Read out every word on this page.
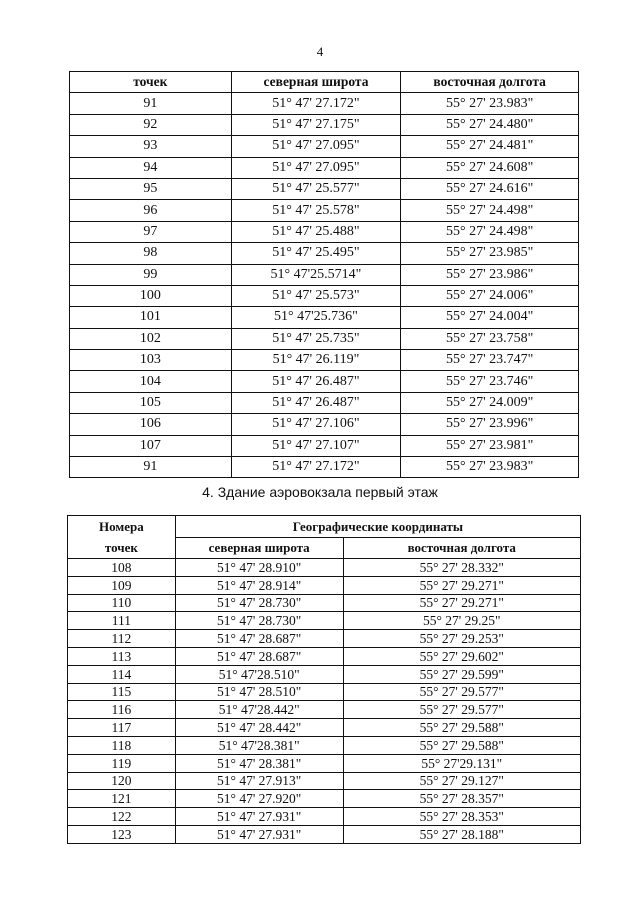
4
точек	северная широта	восточная долгота
91	51° 47' 27.172"	55° 27' 23.983"
92	51° 47' 27.175"	55° 27' 24.480"
93	51° 47' 27.095"	55° 27' 24.481"
94	51° 47' 27.095"	55° 27' 24.608"
95	51° 47' 25.577"	55° 27' 24.616"
96	51° 47' 25.578"	55° 27' 24.498"
97	51° 47' 25.488"	55° 27' 24.498"
98	51° 47' 25.495"	55° 27' 23.985"
99	51° 47'25.5714"	55° 27' 23.986"
100	51° 47' 25.573"	55° 27' 24.006"
101	51° 47'25.736"	55° 27' 24.004"
102	51° 47' 25.735"	55° 27' 23.758"
103	51° 47' 26.119"	55° 27' 23.747"
104	51° 47' 26.487"	55° 27' 23.746"
105	51° 47' 26.487"	55° 27' 24.009"
106	51° 47' 27.106"	55° 27' 23.996"
107	51° 47' 27.107"	55° 27' 23.981"
91	51° 47' 27.172"	55° 27' 23.983"
4. Здание аэровокзала первый этаж
Номера
точек	Географические координаты	
	северная широта	восточная долгота
108	51° 47' 28.910"	55° 27' 28.332"
109	51° 47' 28.914"	55° 27' 29.271"
110	51° 47' 28.730"	55° 27' 29.271"
111	51° 47' 28.730"	55° 27' 29.25"
112	51° 47' 28.687"	55° 27' 29.253"
113	51° 47' 28.687"	55° 27' 29.602"
114	51° 47'28.510"	55° 27' 29.599"
115	51° 47' 28.510"	55° 27' 29.577"
116	51° 47'28.442"	55° 27' 29.577"
117	51° 47' 28.442"	55° 27' 29.588"
118	51° 47'28.381"	55° 27' 29.588"
119	51° 47' 28.381"	55° 27'29.131"
120	51° 47' 27.913"	55° 27' 29.127"
121	51° 47' 27.920"	55° 27' 28.357"
122	51° 47' 27.931"	55° 27' 28.353"
123	51° 47' 27.931"	55° 27' 28.188"
